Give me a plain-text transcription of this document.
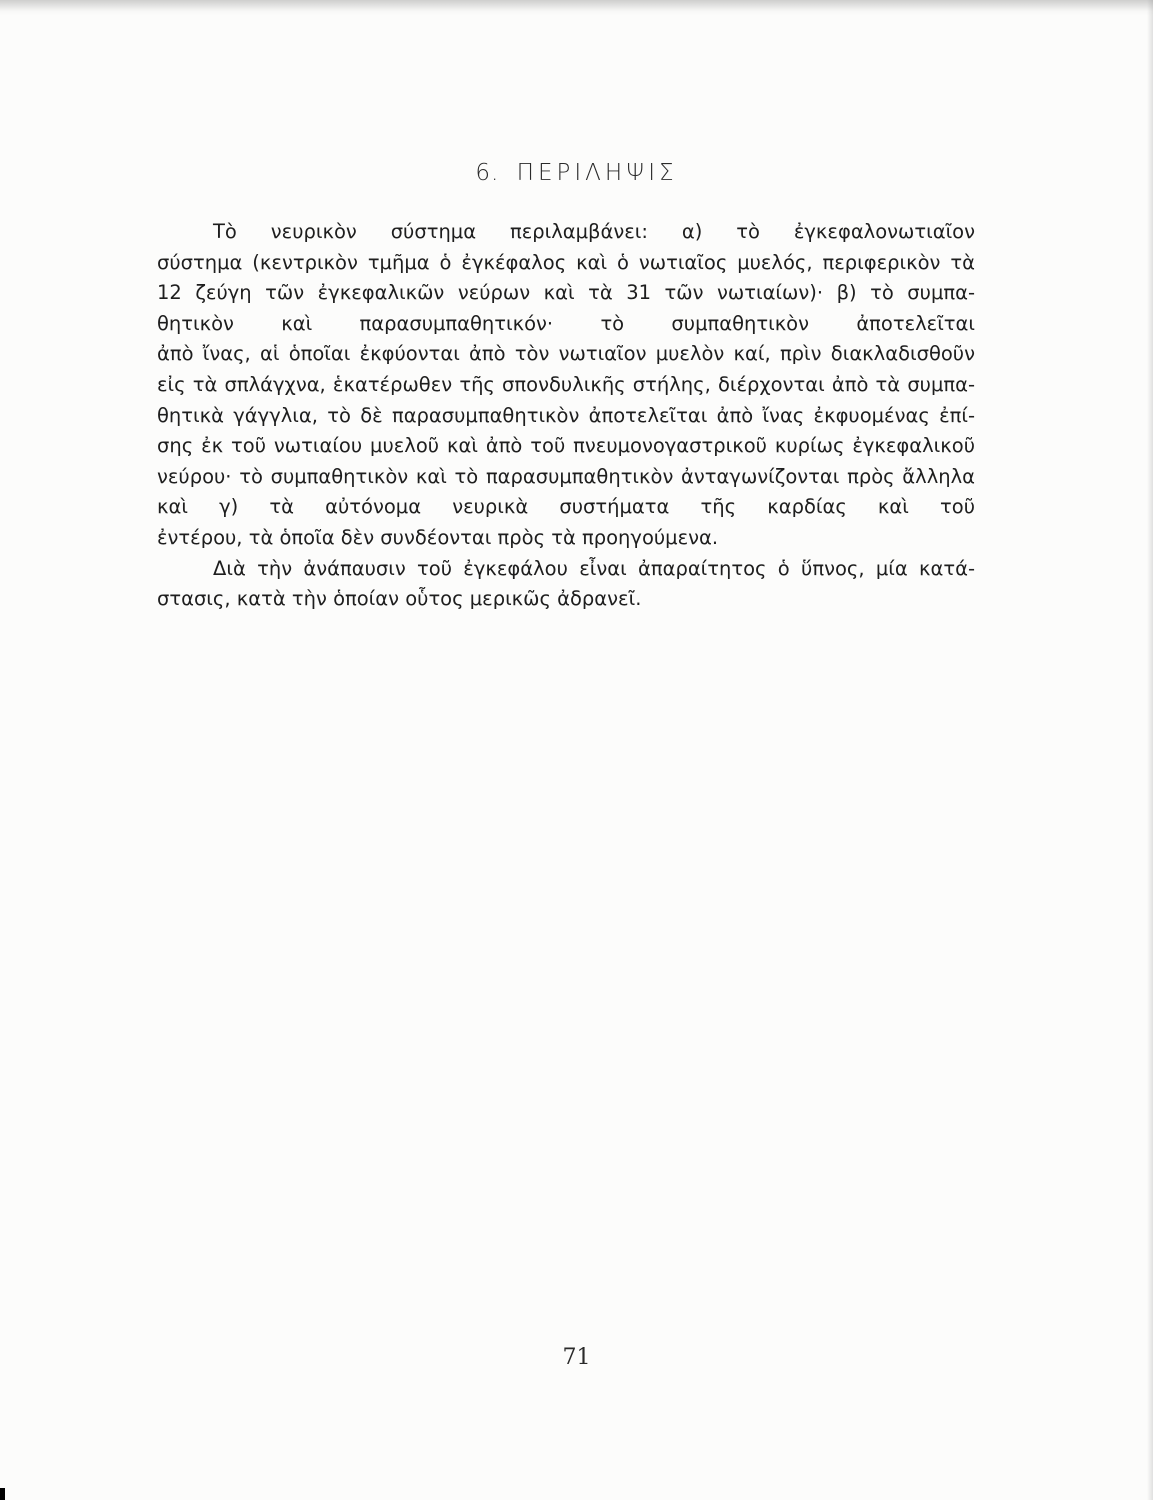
6. ΠΕΡΙΛΗΨΙΣ
Τὸ νευρικὸν σύστημα περιλαμβάνει: α) τὸ ἐγκεφαλονωτιαῖον
σύστημα (κεντρικὸν τμῆμα ὁ ἐγκέφαλος καὶ ὁ νωτιαῖος μυελός, περιφερικὸν τὰ
12 ζεύγη τῶν ἐγκεφαλικῶν νεύρων καὶ τὰ 31 τῶν νωτιαίων)· β) τὸ συμπα-
θητικὸν καὶ παρασυμπαθητικόν· τὸ συμπαθητικὸν ἀποτελεῖται
ἀπὸ ἴνας, αἱ ὁποῖαι ἐκφύονται ἀπὸ τὸν νωτιαῖον μυελὸν καί, πρὶν διακλαδισθοῦν
εἰς τὰ σπλάγχνα, ἑκατέρωθεν τῆς σπονδυλικῆς στήλης, διέρχονται ἀπὸ τὰ συμπα-
θητικὰ γάγγλια, τὸ δὲ παρασυμπαθητικὸν ἀποτελεῖται ἀπὸ ἴνας ἐκφυομένας ἐπί-
σης ἐκ τοῦ νωτιαίου μυελοῦ καὶ ἀπὸ τοῦ πνευμονογαστρικοῦ κυρίως ἐγκεφαλικοῦ
νεύρου· τὸ συμπαθητικὸν καὶ τὸ παρασυμπαθητικὸν ἀνταγωνίζονται πρὸς ἄλληλα
καὶ γ) τὰ αὐτόνομα νευρικὰ συστήματα τῆς καρδίας καὶ τοῦ
ἐντέρου, τὰ ὁποῖα δὲν συνδέονται πρὸς τὰ προηγούμενα.
Διὰ τὴν ἀνάπαυσιν τοῦ ἐγκεφάλου εἶναι ἀπαραίτητος ὁ ὕπνος, μία κατά-
στασις, κατὰ τὴν ὁποίαν οὗτος μερικῶς ἀδρανεῖ.
71
